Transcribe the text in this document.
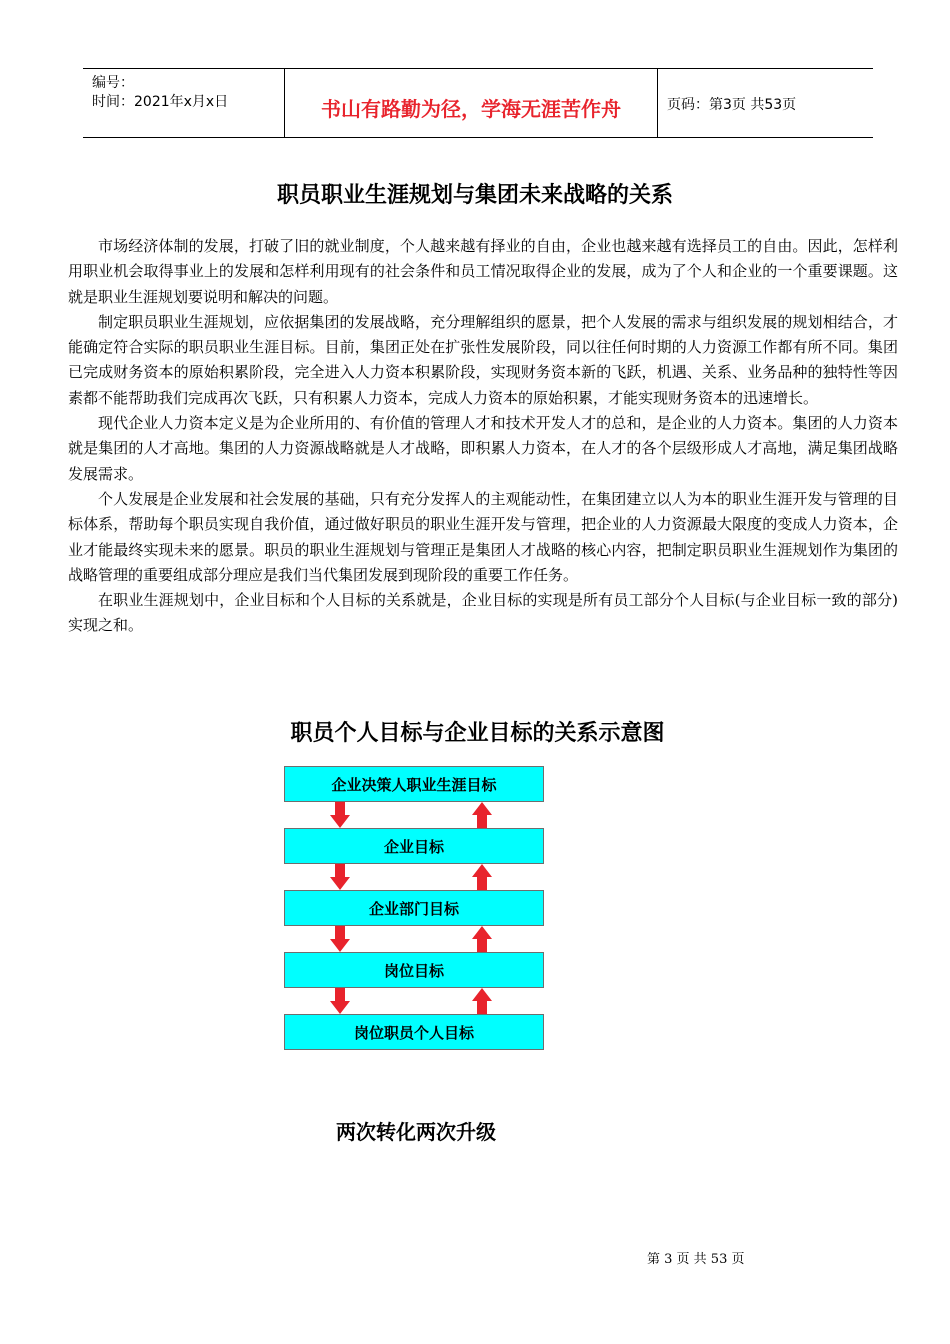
编号：
时间：2021年x月x日	书山有路勤为径，学海无涯苦作舟	页码：第3页 共53页
职员职业生涯规划与集团未来战略的关系

市场经济体制的发展，打破了旧的就业制度，个人越来越有择业的自由，企业也越来越有选择员工的自由。因此，怎样利用职业机会取得事业上的发展和怎样利用现有的社会条件和员工情况取得企业的发展，成为了个人和企业的一个重要课题。这就是职业生涯规划要说明和解决的问题。

制定职员职业生涯规划，应依据集团的发展战略，充分理解组织的愿景，把个人发展的需求与组织发展的规划相结合，才能确定符合实际的职员职业生涯目标。目前，集团正处在扩张性发展阶段，同以往任何时期的人力资源工作都有所不同。集团已完成财务资本的原始积累阶段，完全进入人力资本积累阶段，实现财务资本新的飞跃，机遇、关系、业务品种的独特性等因素都不能帮助我们完成再次飞跃，只有积累人力资本，完成人力资本的原始积累，才能实现财务资本的迅速增长。

现代企业人力资本定义是为企业所用的、有价值的管理人才和技术开发人才的总和，是企业的人力资本。集团的人力资本就是集团的人才高地。集团的人力资源战略就是人才战略，即积累人力资本，在人才的各个层级形成人才高地，满足集团战略发展需求。

个人发展是企业发展和社会发展的基础，只有充分发挥人的主观能动性，在集团建立以人为本的职业生涯开发与管理的目标体系，帮助每个职员实现自我价值，通过做好职员的职业生涯开发与管理，把企业的人力资源最大限度的变成人力资本，企业才能最终实现未来的愿景。职员的职业生涯规划与管理正是集团人才战略的核心内容，把制定职员职业生涯规划作为集团的战略管理的重要组成部分理应是我们当代集团发展到现阶段的重要工作任务。

在职业生涯规划中，企业目标和个人目标的关系就是，企业目标的实现是所有员工部分个人目标(与企业目标一致的部分)实现之和。

职员个人目标与企业目标的关系示意图
企业决策人职业生涯目标
企业目标
企业部门目标
岗位目标
岗位职员个人目标
两次转化两次升级
第 3 页 共 53 页
